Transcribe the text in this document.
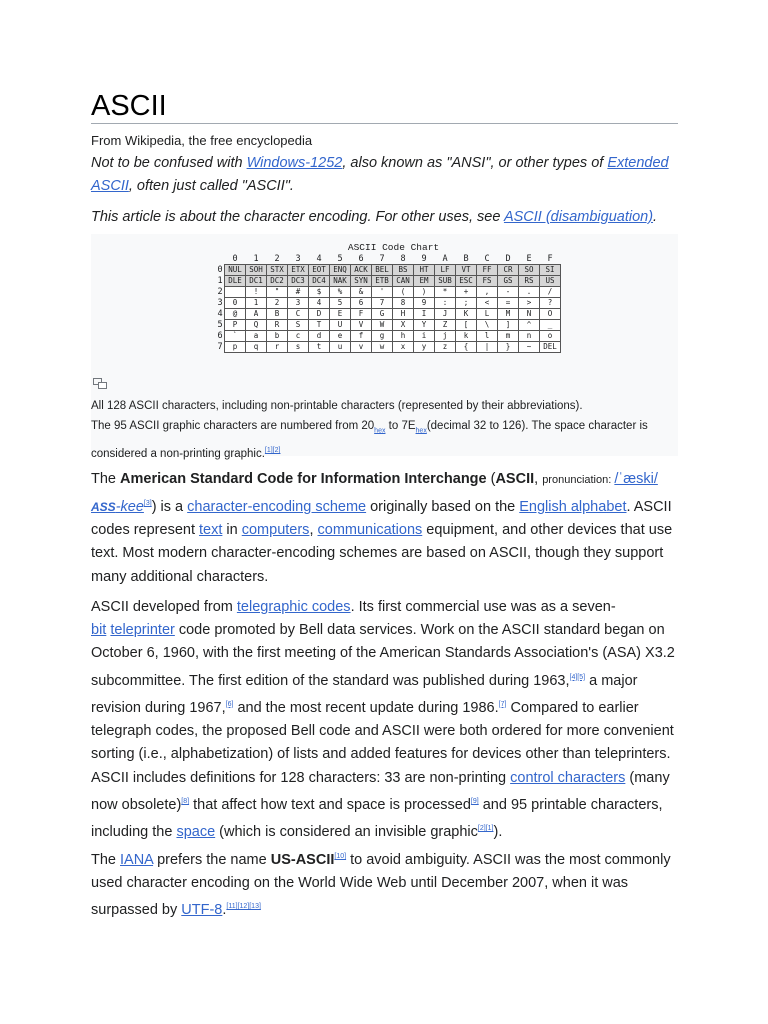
ASCII
From Wikipedia, the free encyclopedia
Not to be confused with Windows-1252, also known as "ANSI", or other types of Extended ASCII, often just called "ASCII".
This article is about the character encoding. For other uses, see ASCII (disambiguation).
ASCII Code Chart
	0	1	2	3	4	5	6	7	8	9	A	B	C	D	E	F
0	NUL	SOH	STX	ETX	EOT	ENQ	ACK	BEL	BS	HT	LF	VT	FF	CR	SO	SI
1	DLE	DC1	DC2	DC3	DC4	NAK	SYN	ETB	CAN	EM	SUB	ESC	FS	GS	RS	US
2		!	"	#	$	%	&	'	(	)	*	+	,	-	.	/
3	0	1	2	3	4	5	6	7	8	9	:	;	<	=	>	?
4	@	A	B	C	D	E	F	G	H	I	J	K	L	M	N	O
5	P	Q	R	S	T	U	V	W	X	Y	Z	[	\	]	^	_
6	`	a	b	c	d	e	f	g	h	i	j	k	l	m	n	o
7	p	q	r	s	t	u	v	w	x	y	z	{	|	}	~	DEL
All 128 ASCII characters, including non-printable characters (represented by their abbreviations).
The 95 ASCII graphic characters are numbered from $20_{hex}$ to $7E_{hex}(decimal$ 32 to 126). The space character is considered a non-printing graphic.[1][2]
The American Standard Code for Information Interchange (ASCII, pronunciation: /ˈæski/ ASS-kee[3]) is a character-encoding scheme originally based on the English alphabet. ASCII codes represent text in computers, communications equipment, and other devices that use text. Most modern character-encoding schemes are based on ASCII, though they support many additional characters.
ASCII developed from telegraphic codes. Its first commercial use was as a seven-
bit teleprinter code promoted by Bell data services. Work on the ASCII standard began on October 6, 1960, with the first meeting of the American Standards Association's (ASA) X3.2 subcommittee. The first edition of the standard was published during 1963,[4][5] a major revision during 1967,[6] and the most recent update during 1986.[7] Compared to earlier telegraph codes, the proposed Bell code and ASCII were both ordered for more convenient sorting (i.e., alphabetization) of lists and added features for devices other than teleprinters.
ASCII includes definitions for 128 characters: 33 are non-printing control characters (many now obsolete)[8] that affect how text and space is processed[9] and 95 printable characters, including the space (which is considered an invisible graphic[2][1]).
The IANA prefers the name US-ASCII[10] to avoid ambiguity. ASCII was the most commonly used character encoding on the World Wide Web until December 2007, when it was surpassed by UTF-8.[11][12][13]
